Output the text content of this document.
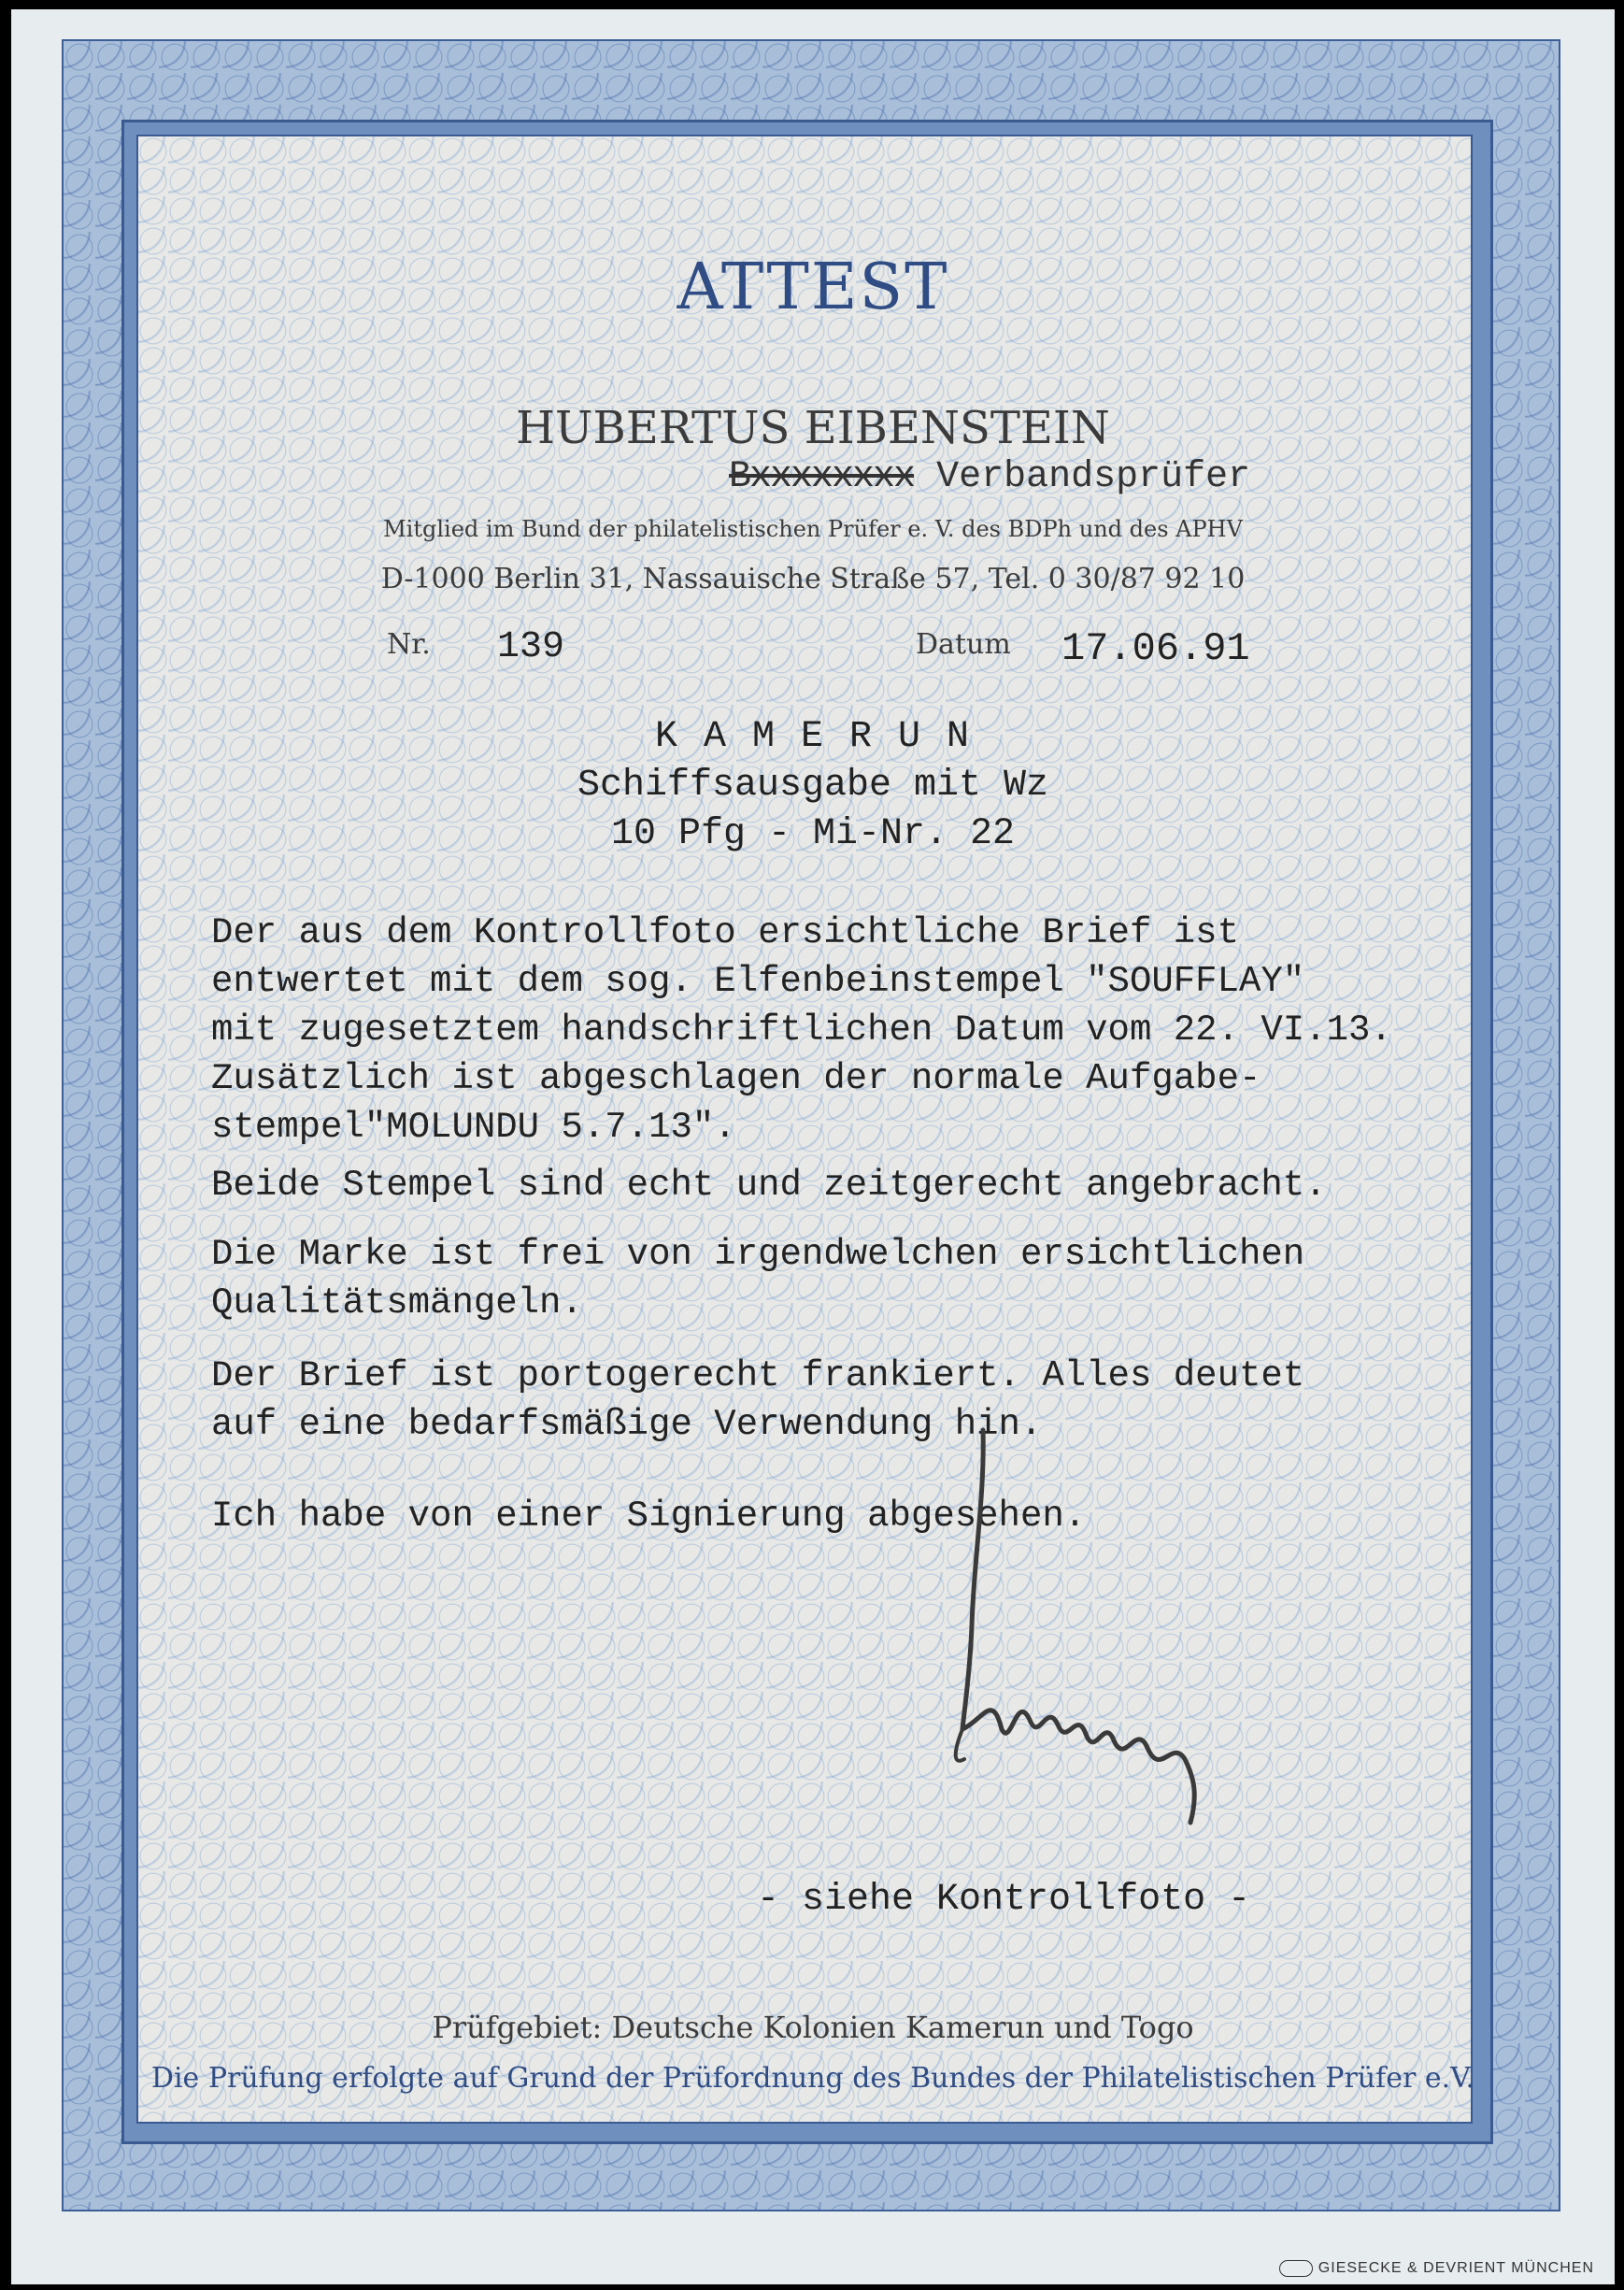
ATTEST
HUBERTUS EIBENSTEIN
Bxxxxxxxx Verbandsprüfer
Mitglied im Bund der philatelistischen Prüfer e. V. des BDPh und des APHV
D-1000 Berlin 31, Nassauische Straße 57, Tel. 0 30/87 92 10
Nr. 139	Datum 17.06.91
K A M E R U N
Schiffsausgabe mit Wz
10 Pfg - Mi-Nr. 22
Der aus dem Kontrollfoto ersichtliche Brief ist
entwertet mit dem sog. Elfenbeinstempel "SOUFFLAY"
mit zugesetztem handschriftlichen Datum vom 22. VI.13.
Zusätzlich ist abgeschlagen der normale Aufgabe-
stempel"MOLUNDU 5.7.13".
Beide Stempel sind echt und zeitgerecht angebracht.
Die Marke ist frei von irgendwelchen ersichtlichen
Qualitätsmängeln.
Der Brief ist portogerecht frankiert. Alles deutet
auf eine bedarfsmäßige Verwendung hin.
Ich habe von einer Signierung abgesehen.
- siehe Kontrollfoto -
Prüfgebiet: Deutsche Kolonien Kamerun und Togo
Die Prüfung erfolgte auf Grund der Prüfordnung des Bundes der Philatelistischen Prüfer e.V.
GIESECKE & DEVRIENT MÜNCHEN
